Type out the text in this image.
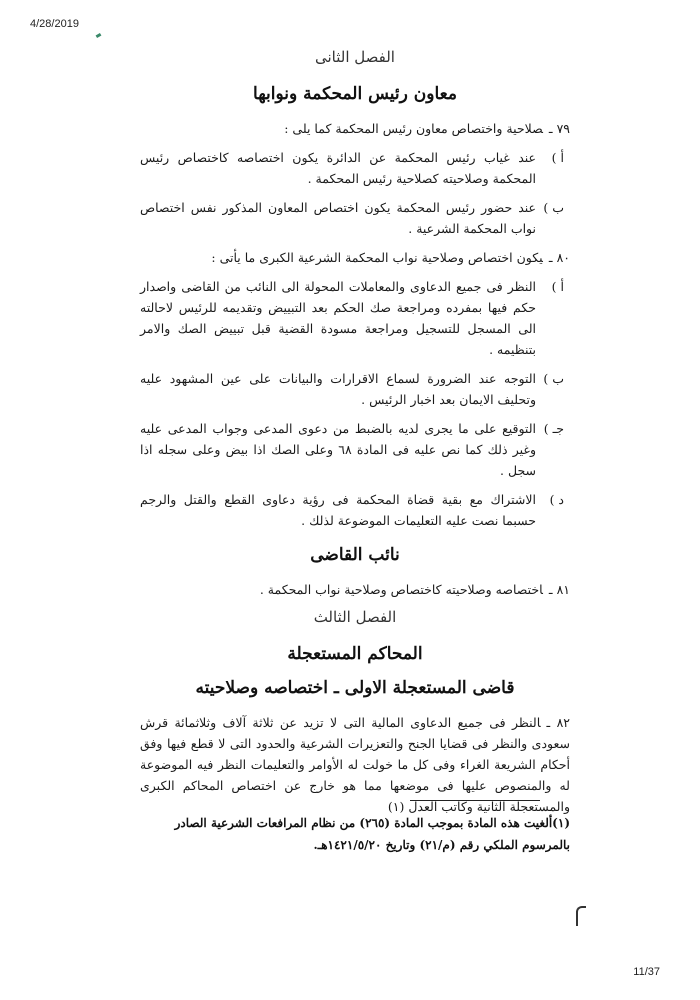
4/28/2019
الفصل الثانى
معاون رئيس المحكمة ونوابها
٧٩ ـصلاحية واختصاص معاون رئيس المحكمة كما يلى :
أ )
عند غياب رئيس المحكمة عن الدائرة يكون اختصاصه كاختصاص رئيس المحكمة وصلاحيته كصلاحية رئيس المحكمة .
ب )
عند حضور رئيس المحكمة يكون اختصاص المعاون المذكور نفس اختصاص نواب المحكمة الشرعية .
٨٠ ـيكون اختصاص وصلاحية نواب المحكمة الشرعية الكبرى ما يأتى :
أ )
النظر فى جميع الدعاوى والمعاملات المحولة الى النائب من القاضى واصدار حكم فيها بمفرده ومراجعة صك الحكم بعد التبييض وتقديمه للرئيس لاحالته الى المسجل للتسجيل ومراجعة مسودة القضية قبل تبييض الصك والامر بتنظيمه .
ب )
التوجه عند الضرورة لسماع الاقرارات والبيانات على عين المشهود عليه وتحليف الايمان بعد اخبار الرئيس .
جـ )
التوقيع على ما يجرى لديه بالضبط من دعوى المدعى وجواب المدعى عليه وغير ذلك كما نص عليه فى المادة ٦٨ وعلى الصك اذا بيض وعلى سجله اذا سجل .
د )
الاشتراك مع بقية قضاة المحكمة فى رؤية دعاوى القطع والقتل والرجم حسبما نصت عليه التعليمات الموضوعة لذلك .
نائب القاضى
٨١ ـاختصاصه وصلاحيته كاختصاص وصلاحية نواب المحكمة .
الفصل الثالث
المحاكم المستعجلة
قاضى المستعجلة الاولى ـ اختصاصه وصلاحيته
٨٢ ـالنظر فى جميع الدعاوى المالية التى لا تزيد عن ثلاثة آلاف وثلاثمائة قرش سعودى والنظر فى قضايا الجنح والتعزيرات الشرعية والحدود التى لا قطع فيها وفق أحكام الشريعة الغراء وفى كل ما خولت له الأوامر والتعليمات النظر فيه الموضوعة له والمنصوص عليها فى موضعها مما هو خارج عن اختصاص المحاكم الكبرى والمستعجلة الثانية وكاتب العدل (١)
(١)ألغيت هذه المادة بموجب المادة (٢٦٥) من نظام المرافعات الشرعية الصادر بالمرسوم الملكي رقم (م/٢١) وتاريخ ١٤٢١/٥/٢٠هـ.
11/37
